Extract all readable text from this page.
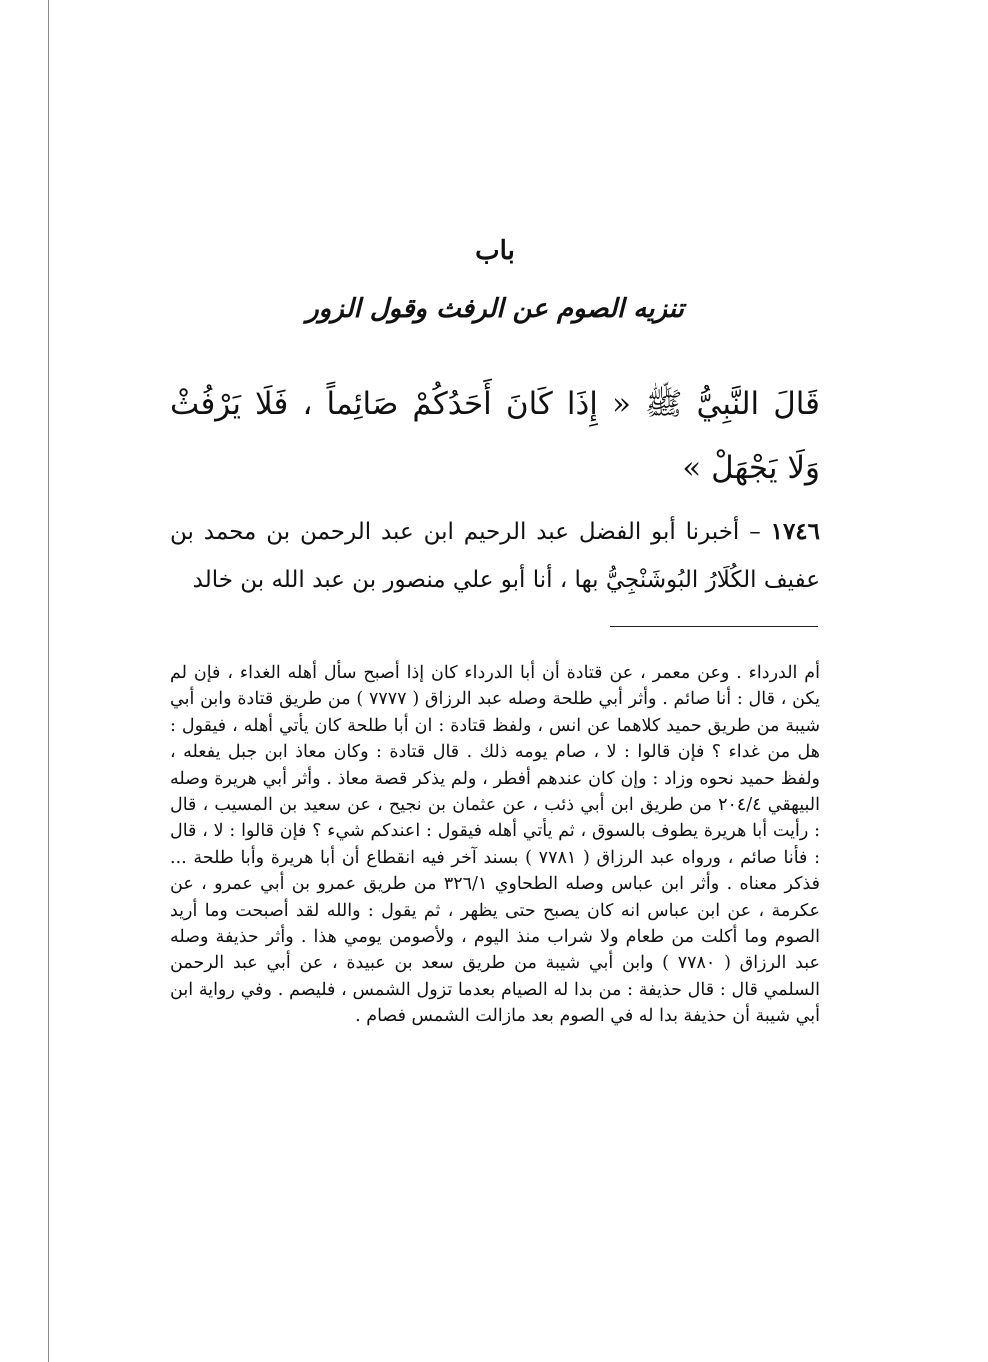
باب
تنزيه الصوم عن الرفث وقول الزور

قَالَ النَّبِيُّ ﷺ « إِذَا كَانَ أَحَدُكُمْ صَائِماً ، فَلَا يَرْفُثْ وَلَا يَجْهَلْ »

١٧٤٦ – أخبرنا أبو الفضل عبد الرحيم ابن عبد الرحمن بن محمد بن عفيف الكُلَارُ البُوشَنْجِيُّ بها ، أنا أبو علي منصور بن عبد الله بن خالد

أم الدرداء . وعن معمر ، عن قتادة أن أبا الدرداء كان إذا أصبح سأل أهله الغداء ، فإن لم يكن ، قال : أنا صائم . وأثر أبي طلحة وصله عبد الرزاق ( ٧٧٧٧ ) من طريق قتادة وابن أبي شيبة من طريق حميد كلاهما عن انس ، ولفظ قتادة : ان أبا طلحة كان يأتي أهله ، فيقول : هل من غداء ؟ فإن قالوا : لا ، صام يومه ذلك . قال قتادة : وكان معاذ ابن جبل يفعله ، ولفظ حميد نحوه وزاد : وإن كان عندهم أفطر ، ولم يذكر قصة معاذ . وأثر أبي هريرة وصله البيهقي ٢٠٤/٤ من طريق ابن أبي ذئب ، عن عثمان بن نجيح ، عن سعيد بن المسيب ، قال : رأيت أبا هريرة يطوف بالسوق ، ثم يأتي أهله فيقول : اعندكم شيء ؟ فإن قالوا : لا ، قال : فأنا صائم ، ورواه عبد الرزاق ( ٧٧٨١ ) بسند آخر فيه انقطاع أن أبا هريرة وأبا طلحة ... فذكر معناه . وأثر ابن عباس وصله الطحاوي ٣٢٦/١ من طريق عمرو بن أبي عمرو ، عن عكرمة ، عن ابن عباس انه كان يصبح حتى يظهر ، ثم يقول : والله لقد أصبحت وما أريد الصوم وما أكلت من طعام ولا شراب منذ اليوم ، ولأصومن يومي هذا . وأثر حذيفة وصله عبد الرزاق ( ٧٧٨٠ ) وابن أبي شيبة من طريق سعد بن عبيدة ، عن أبي عبد الرحمن السلمي قال : قال حذيفة : من بدا له الصيام بعدما تزول الشمس ، فليصم . وفي رواية ابن أبي شيبة أن حذيفة بدا له في الصوم بعد مازالت الشمس فصام .
